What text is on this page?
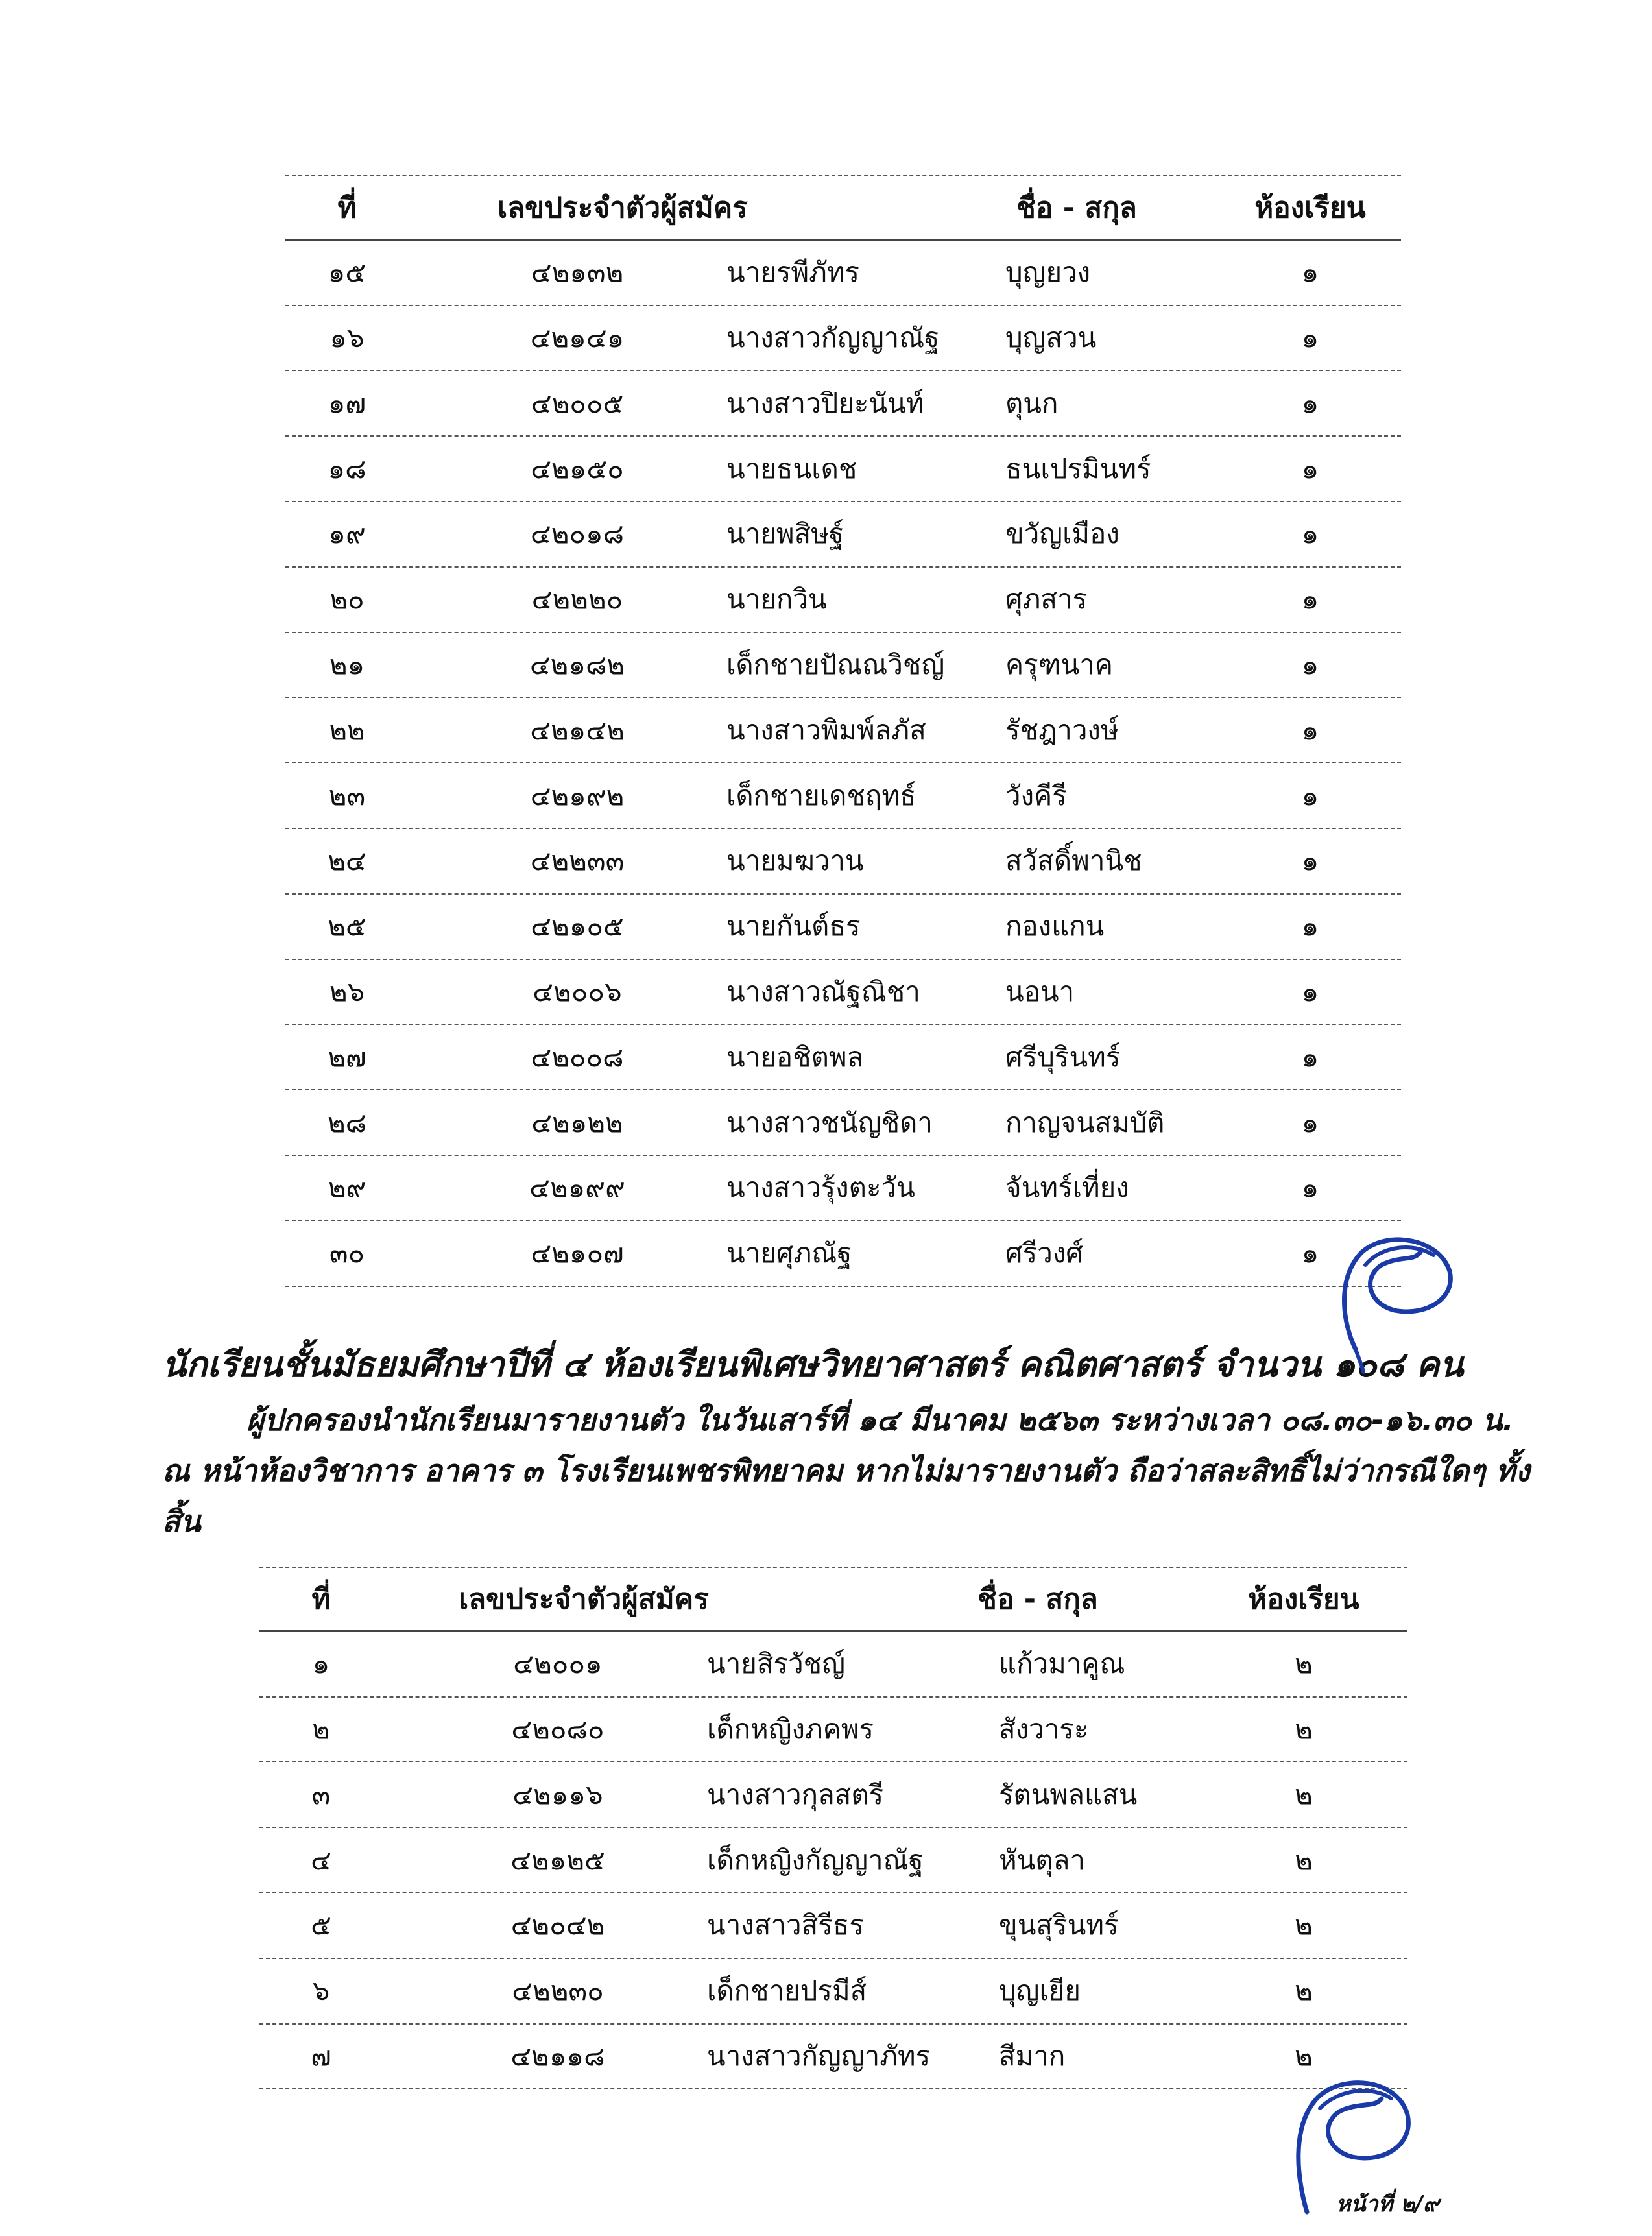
ที่	เลขประจำตัวผู้สมัคร	ชื่อ - สกุล	ห้องเรียน
๑๕	๔๒๑๓๒	นายรพีภัทร	บุญยวง	๑
๑๖	๔๒๑๔๑	นางสาวกัญญาณัฐ	บุญสวน	๑
๑๗	๔๒๐๐๕	นางสาวปิยะนันท์	ตุนก	๑
๑๘	๔๒๑๕๐	นายธนเดช	ธนเปรมินทร์	๑
๑๙	๔๒๐๑๘	นายพสิษฐ์	ขวัญเมือง	๑
๒๐	๔๒๒๒๐	นายกวิน	ศุภสาร	๑
๒๑	๔๒๑๘๒	เด็กชายปัณณวิชญ์	ครุฑนาค	๑
๒๒	๔๒๑๔๒	นางสาวพิมพ์ลภัส	รัชฎาวงษ์	๑
๒๓	๔๒๑๙๒	เด็กชายเดชฤทธ์	วังคีรี	๑
๒๔	๔๒๒๓๓	นายมฆวาน	สวัสดิ์พานิช	๑
๒๕	๔๒๑๐๕	นายกันต์ธร	กองแกน	๑
๒๖	๔๒๐๐๖	นางสาวณัฐณิชา	นอนา	๑
๒๗	๔๒๐๐๘	นายอชิตพล	ศรีบุรินทร์	๑
๒๘	๔๒๑๒๒	นางสาวชนัญชิดา	กาญจนสมบัติ	๑
๒๙	๔๒๑๙๙	นางสาวรุ้งตะวัน	จันทร์เที่ยง	๑
๓๐	๔๒๑๐๗	นายศุภณัฐ	ศรีวงศ์	๑
นักเรียนชั้นมัธยมศึกษาปีที่ ๔ ห้องเรียนพิเศษวิทยาศาสตร์ คณิตศาสตร์ จำนวน ๑๐๘ คน

ผู้ปกครองนำนักเรียนมารายงานตัว ในวันเสาร์ที่ ๑๔ มีนาคม ๒๕๖๓ ระหว่างเวลา ๐๘.๓๐-๑๖.๓๐ น.

ณ หน้าห้องวิชาการ อาคาร ๓ โรงเรียนเพชรพิทยาคม หากไม่มารายงานตัว ถือว่าสละสิทธิ์ไม่ว่ากรณีใดๆ ทั้งสิ้น

ที่	เลขประจำตัวผู้สมัคร	ชื่อ - สกุล	ห้องเรียน
๑	๔๒๐๐๑	นายสิรวัชญ์	แก้วมาคูณ	๒
๒	๔๒๐๘๐	เด็กหญิงภคพร	สังวาระ	๒
๓	๔๒๑๑๖	นางสาวกุลสตรี	รัตนพลแสน	๒
๔	๔๒๑๒๕	เด็กหญิงกัญญาณัฐ	หันตุลา	๒
๕	๔๒๐๔๒	นางสาวสิรีธร	ขุนสุรินทร์	๒
๖	๔๒๒๓๐	เด็กชายปรมีส์	บุญเยีย	๒
๗	๔๒๑๑๘	นางสาวกัญญาภัทร	สีมาก	๒
หน้าที่ ๒/๙
